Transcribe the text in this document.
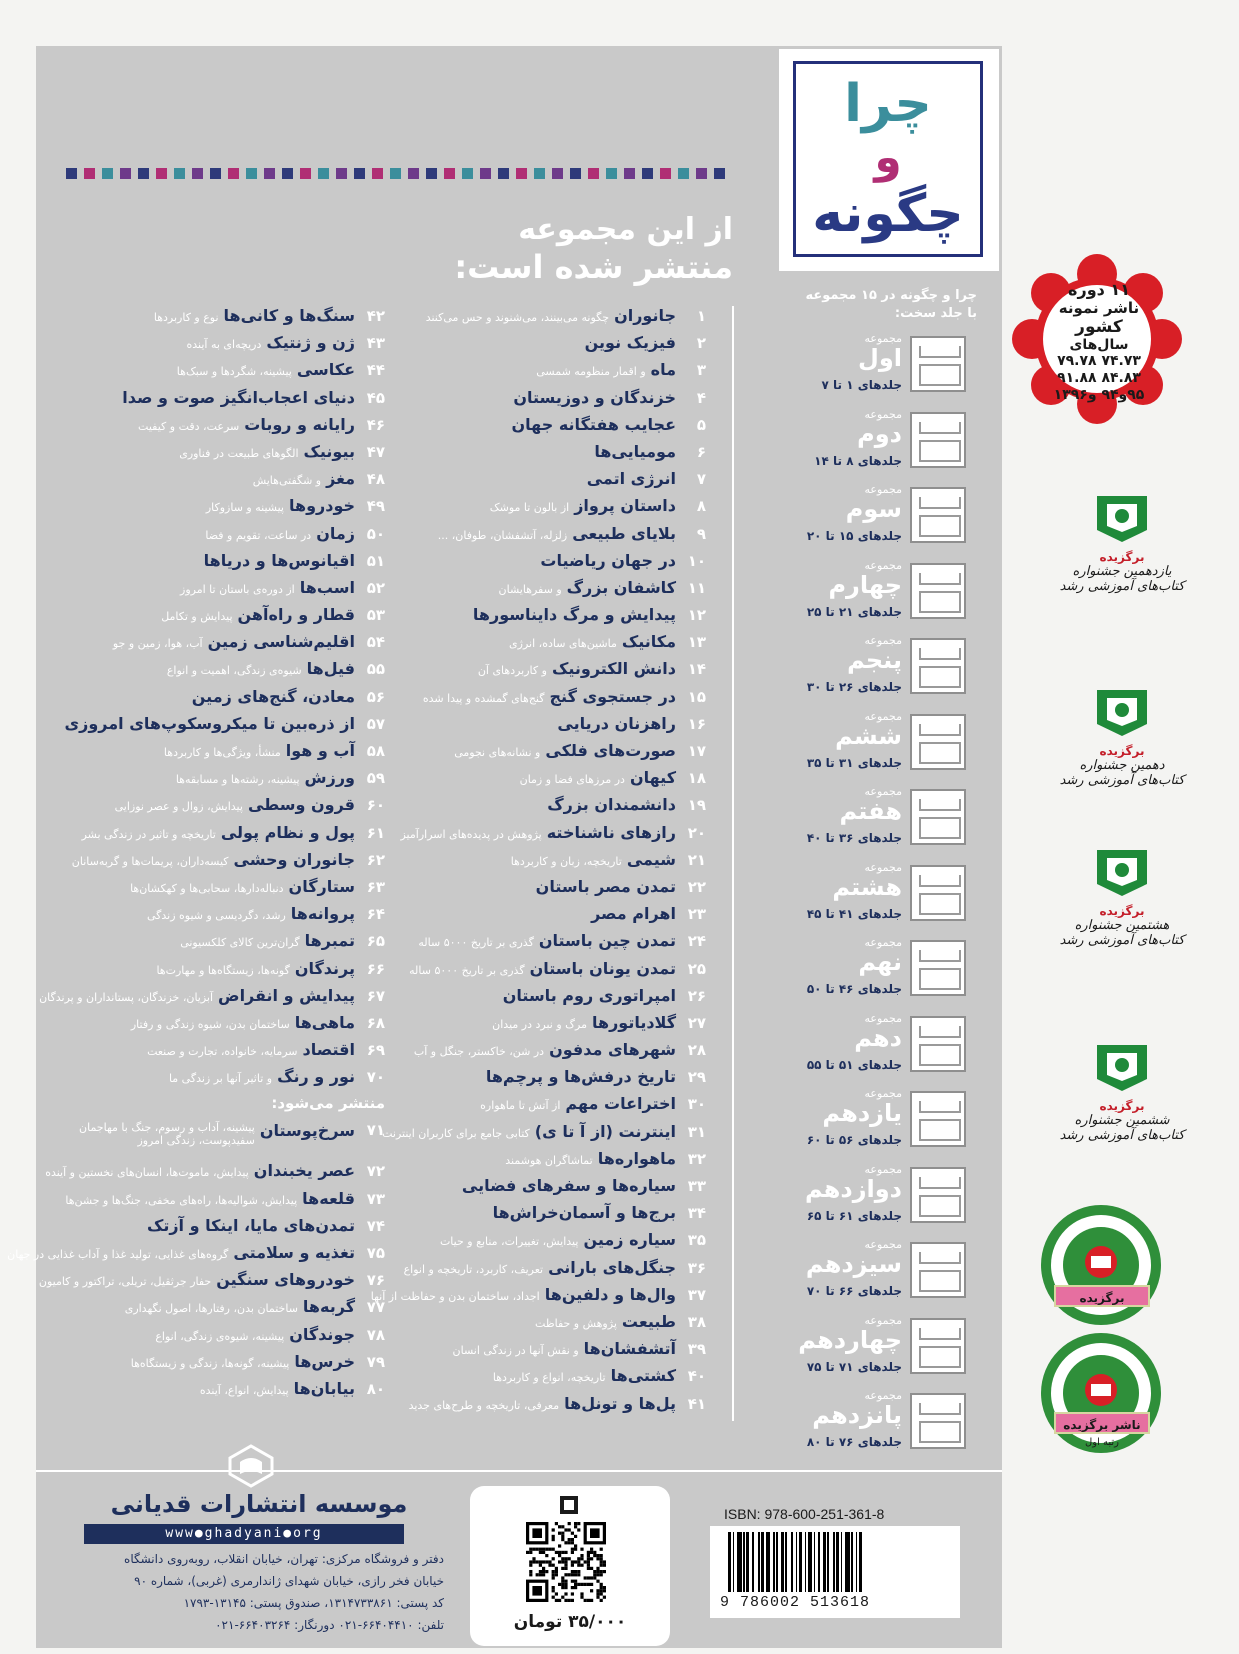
چرا
و
چگونه
از این مجموعه
منتشر شده است:
۱
جانوران
چگونه می‌بینند، می‌شنوند و حس می‌کنند
۲
فیزیک نوین
۳
ماه
و اقمار منظومه شمسی
۴
خزندگان و دوزیستان
۵
عجایب هفتگانه جهان
۶
مومیایی‌ها
۷
انرژی اتمی
۸
داستان پرواز
از بالون تا موشک
۹
بلایای طبیعی
زلزله، آتشفشان، طوفان، ...
۱۰
در جهان ریاضیات
۱۱
کاشفان بزرگ
و سفرهایشان
۱۲
پیدایش و مرگ دایناسورها
۱۳
مکانیک
ماشین‌های ساده، انرژی
۱۴
دانش الکترونیک
و کاربردهای آن
۱۵
در جستجوی گنج
گنج‌های گمشده و پیدا شده
۱۶
راهزنان دریایی
۱۷
صورت‌های فلکی
و نشانه‌های نجومی
۱۸
کیهان
در مرزهای فضا و زمان
۱۹
دانشمندان بزرگ
۲۰
رازهای ناشناخته
پژوهش در پدیده‌های اسرارآمیز
۲۱
شیمی
تاریخچه، زبان و کاربردها
۲۲
تمدن مصر باستان
۲۳
اهرام مصر
۲۴
تمدن چین باستان
گذری بر تاریخ ۵۰۰۰ ساله
۲۵
تمدن یونان باستان
گذری بر تاریخ ۵۰۰۰ ساله
۲۶
امپراتوری روم باستان
۲۷
گلادیاتورها
مرگ و نبرد در میدان
۲۸
شهرهای مدفون
در شن، خاکستر، جنگل و آب
۲۹
تاریخ درفش‌ها و پرچم‌ها
۳۰
اختراعات مهم
از آتش تا ماهواره
۳۱
اینترنت (از آ تا ی)
کتابی جامع برای کاربران اینترنت
۳۲
ماهواره‌ها
تماشاگران هوشمند
۳۳
سیاره‌ها و سفرهای فضایی
۳۴
برج‌ها و آسمان‌خراش‌ها
۳۵
سیاره زمین
پیدایش، تغییرات، منابع و حیات
۳۶
جنگل‌های بارانی
تعریف، کاربرد، تاریخچه و انواع
۳۷
وال‌ها و دلفین‌ها
اجداد، ساختمان بدن و حفاظت از آنها
۳۸
طبیعت
پژوهش و حفاظت
۳۹
آتشفشان‌ها
و نقش آنها در زندگی انسان
۴۰
کشتی‌ها
تاریخچه، انواع و کاربردها
۴۱
پل‌ها و تونل‌ها
معرفی، تاریخچه و طرح‌های جدید
۴۲
سنگ‌ها و کانی‌ها
نوع و کاربردها
۴۳
ژن و ژنتیک
دریچه‌ای به آینده
۴۴
عکاسی
پیشینه، شگردها و سبک‌ها
۴۵
دنیای اعجاب‌انگیز صوت و صدا
۴۶
رایانه و روبات
سرعت، دقت و کیفیت
۴۷
بیونیک
الگوهای طبیعت در فناوری
۴۸
مغز
و شگفتی‌هایش
۴۹
خودروها
پیشینه و سازوکار
۵۰
زمان
در ساعت، تقویم و فضا
۵۱
اقیانوس‌ها و دریاها
۵۲
اسب‌ها
از دوره‌ی باستان تا امروز
۵۳
قطار و راه‌آهن
پیدایش و تکامل
۵۴
اقلیم‌شناسی زمین
آب، هوا، زمین و جو
۵۵
فیل‌ها
شیوه‌ی زندگی، اهمیت و انواع
۵۶
معادن، گنج‌های زمین
۵۷
از ذره‌بین تا میکروسکوپ‌های امروزی
۵۸
آب و هوا
منشأ، ویژگی‌ها و کاربردها
۵۹
ورزش
پیشینه، رشته‌ها و مسابقه‌ها
۶۰
قرون وسطی
پیدایش، زوال و عصر نوزایی
۶۱
پول و نظام پولی
تاریخچه و تاثیر در زندگی بشر
۶۲
جانوران وحشی
کیسه‌داران، پریمات‌ها و گربه‌سانان
۶۳
ستارگان
دنباله‌دارها، سحابی‌ها و کهکشان‌ها
۶۴
پروانه‌ها
رشد، دگردیسی و شیوه زندگی
۶۵
تمبرها
گران‌ترین کالای کلکسیونی
۶۶
پرندگان
گونه‌ها، زیستگاه‌ها و مهارت‌ها
۶۷
پیدایش و انقراض
آبزیان، خزندگان، پستانداران و پرندگان
۶۸
ماهی‌ها
ساختمان بدن، شیوه زندگی و رفتار
۶۹
اقتصاد
سرمایه، خانواده، تجارت و صنعت
۷۰
نور و رنگ
و تاثیر آنها بر زندگی ما
منتشر می‌شود:
۷۱
سرخ‌پوستان
پیشینه، آداب و رسوم، جنگ با مهاجمان سفیدپوست، زندگی امروز
۷۲
عصر یخبندان
پیدایش، ماموت‌ها، انسان‌های نخستین و آینده
۷۳
قلعه‌ها
پیدایش، شوالیه‌ها، راه‌های مخفی، جنگ‌ها و جشن‌ها
۷۴
تمدن‌های مایا، اینکا و آزتک
۷۵
تغذیه و سلامتی
گروه‌های غذایی، تولید غذا و آداب غذایی در جهان
۷۶
خودروهای سنگین
حفار جرثقیل، تریلی، تراکتور و کامیون
۷۷
گربه‌ها
ساختمان بدن، رفتارها، اصول نگهداری
۷۸
جوندگان
پیشینه، شیوه‌ی زندگی، انواع
۷۹
خرس‌ها
پیشینه، گونه‌ها، زندگی و زیستگاه‌ها
۸۰
بیابان‌ها
پیدایش، انواع، آینده
چرا و چگونه در ۱۵ مجموعه
با جلد سخت:
مجموعه
اول
جلدهای ۱ تا ۷
مجموعه
دوم
جلدهای ۸ تا ۱۴
مجموعه
سوم
جلدهای ۱۵ تا ۲۰
مجموعه
چهارم
جلدهای ۲۱ تا ۲۵
مجموعه
پنجم
جلدهای ۲۶ تا ۳۰
مجموعه
ششم
جلدهای ۳۱ تا ۳۵
مجموعه
هفتم
جلدهای ۳۶ تا ۴۰
مجموعه
هشتم
جلدهای ۴۱ تا ۴۵
مجموعه
نهم
جلدهای ۴۶ تا ۵۰
مجموعه
دهم
جلدهای ۵۱ تا ۵۵
مجموعه
یازدهم
جلدهای ۵۶ تا ۶۰
مجموعه
دوازدهم
جلدهای ۶۱ تا ۶۵
مجموعه
سیزدهم
جلدهای ۶۶ تا ۷۰
مجموعه
چهاردهم
جلدهای ۷۱ تا ۷۵
مجموعه
پانزدهم
جلدهای ۷۶ تا ۸۰
۱۱ دوره
ناشر نمونه
کشور
سال‌های
۷۴.۷۳ ۷۹.۷۸ ۸۴.۸۳ ۹۱.۸۸ ۹۵و۹۴ و۱۳۹۶
برگزیده
یازدهمین جشنواره
کتاب‌های آموزشی رشد
برگزیده
دهمین جشنواره
کتاب‌های آموزشی رشد
برگزیده
هشتمین جشنواره
کتاب‌های آموزشی رشد
برگزیده
ششمین جشنواره
کتاب‌های آموزشی رشد
برگزیده
ناشر برگزیده
رتبه اول
موسسه انتشارات قدیانی
www●ghadyani●org
دفتر و فروشگاه مرکزی: تهران، خیابان انقلاب، روبه‌روی دانشگاه
خیابان فخر رازی، خیابان شهدای ژاندارمری (غربی)، شماره ۹۰
کد پستی: ۱۳۱۴۷۳۳۸۶۱، صندوق پستی: ۱۳۱۴۵-۱۷۹۳
تلفن: ۶۶۴۰۴۴۱۰-۰۲۱ دورنگار: ۶۶۴۰۳۲۶۴-۰۲۱	۳۵/۰۰۰ تومان
ISBN: 978-600-251-361-8
9 786002 513618
